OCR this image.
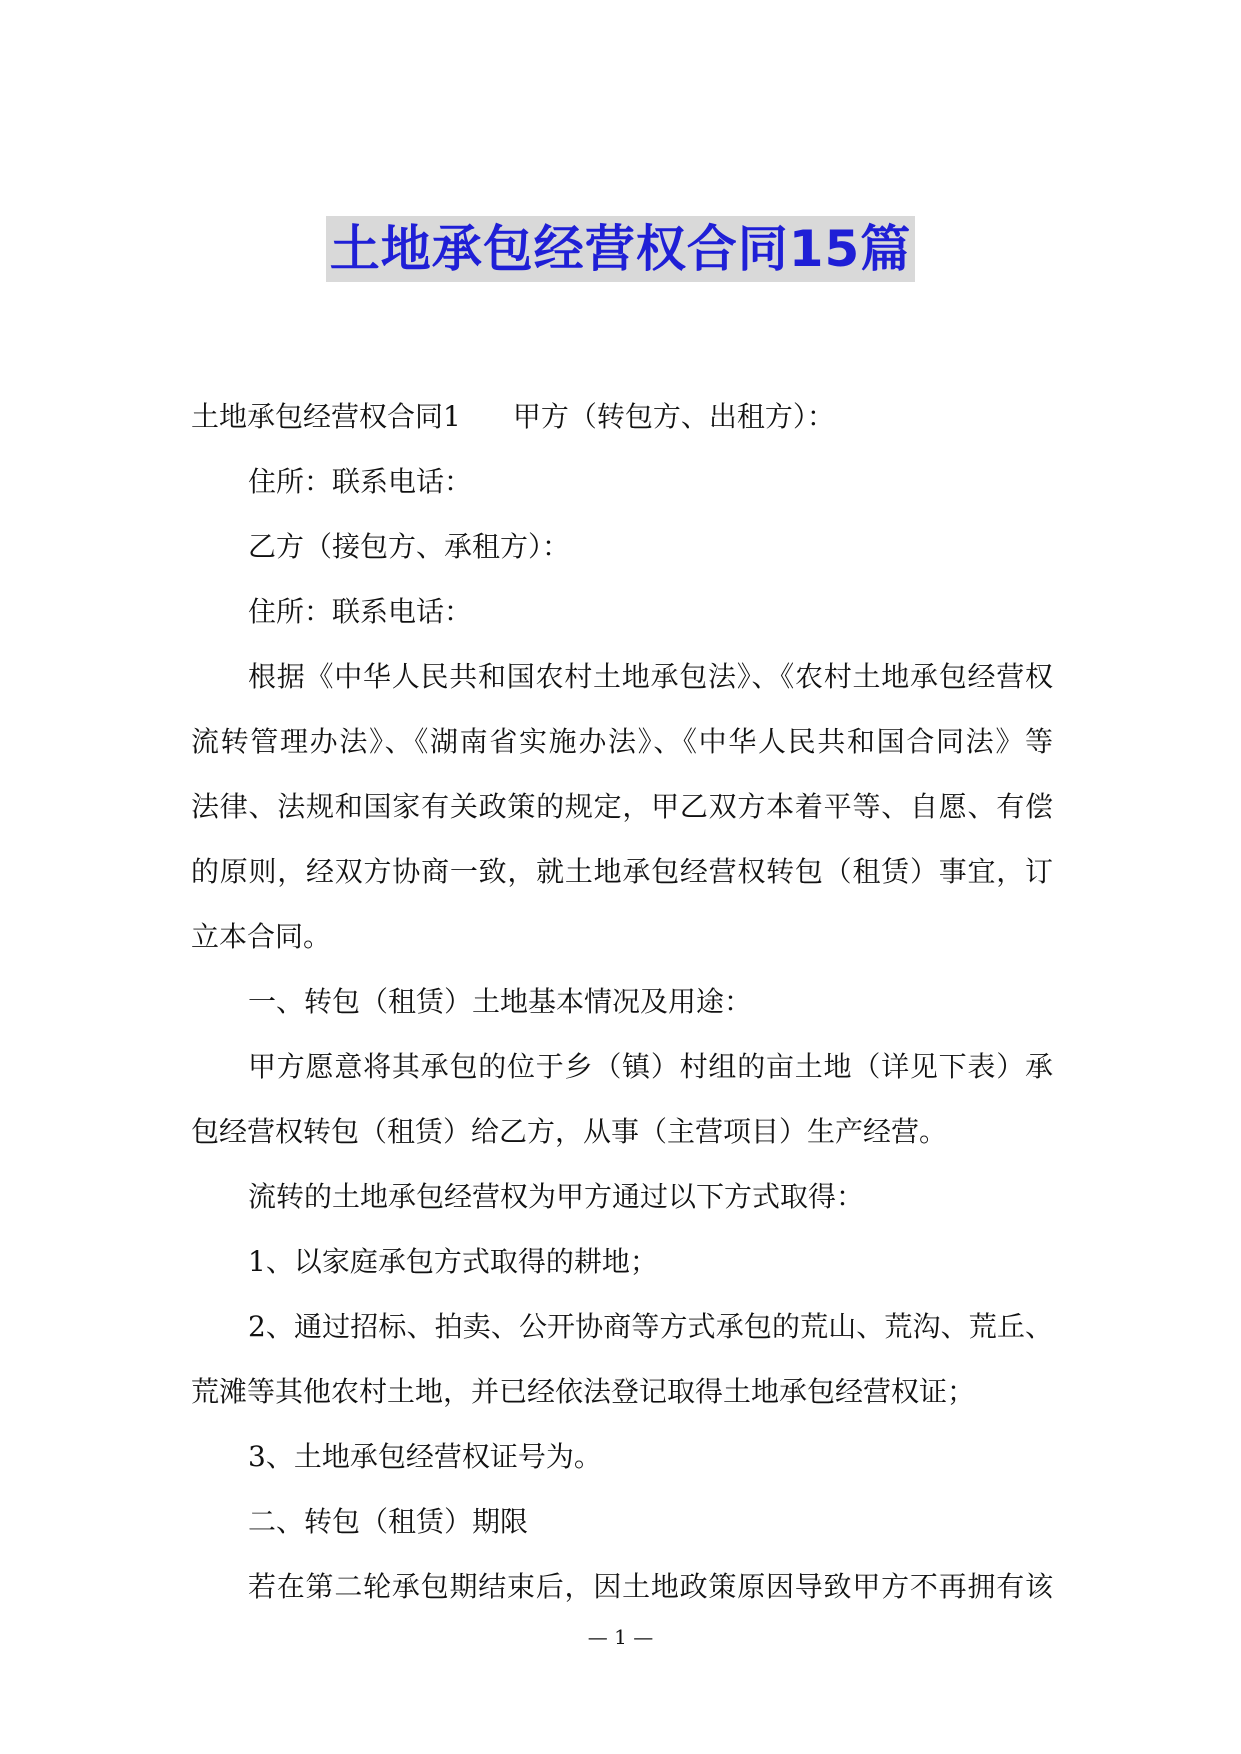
土地承包经营权合同15篇
土地承包经营权合同1 甲方（转包方、出租方）：
住所：联系电话：
乙方（接包方、承租方）：
住所：联系电话：
根据《中华人民共和国农村土地承包法》、《农村土地承包经营权
流转管理办法》、《湖南省实施办法》、《中华人民共和国合同法》等
法律、法规和国家有关政策的规定，甲乙双方本着平等、自愿、有偿
的原则，经双方协商一致，就土地承包经营权转包（租赁）事宜，订
立本合同。
一、转包（租赁）土地基本情况及用途：
甲方愿意将其承包的位于乡（镇）村组的亩土地（详见下表）承
包经营权转包（租赁）给乙方，从事（主营项目）生产经营。
流转的土地承包经营权为甲方通过以下方式取得：
1、以家庭承包方式取得的耕地；
2、通过招标、拍卖、公开协商等方式承包的荒山、荒沟、荒丘、
荒滩等其他农村土地，并已经依法登记取得土地承包经营权证；
3、土地承包经营权证号为。
二、转包（租赁）期限
若在第二轮承包期结束后，因土地政策原因导致甲方不再拥有该
— 1 —
